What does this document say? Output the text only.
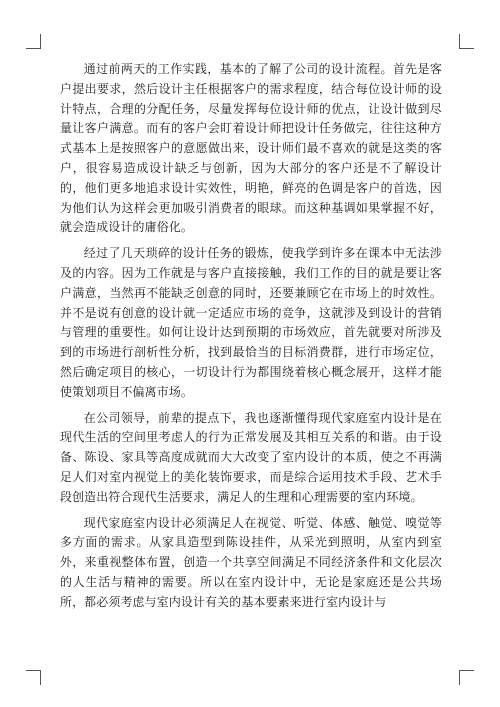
通过前两天的工作实践，基本的了解了公司的设计流程。首先是客户提出要求，然后设计主任根据客户的需求程度，结合每位设计师的设计特点，合理的分配任务，尽量发挥每位设计师的优点，让设计做到尽量让客户满意。而有的客户会盯着设计师把设计任务做完，往往这种方式基本上是按照客户的意愿做出来，设计师们最不喜欢的就是这类的客户，很容易造成设计缺乏与创新，因为大部分的客户还是不了解设计的，他们更多地追求设计实效性，明艳，鲜亮的色调是客户的首选，因为他们认为这样会更加吸引消费者的眼球。而这种基调如果掌握不好，就会造成设计的庸俗化。

经过了几天琐碎的设计任务的锻炼，使我学到许多在课本中无法涉及的内容。因为工作就是与客户直接接触，我们工作的目的就是要让客户满意，当然再不能缺乏创意的同时，还要兼顾它在市场上的时效性。并不是说有创意的设计就一定适应市场的竞争，这就涉及到设计的营销与管理的重要性。如何让设计达到预期的市场效应，首先就要对所涉及到的市场进行剖析性分析，找到最恰当的目标消费群，进行市场定位，然后确定项目的核心，一切设计行为都围绕着核心概念展开，这样才能使策划项目不偏离市场。

在公司领导，前辈的提点下，我也逐渐懂得现代家庭室内设计是在现代生活的空间里考虑人的行为正常发展及其相互关系的和谐。由于设备、陈设、家具等高度成就而大大改变了室内设计的本质，使之不再满足人们对室内视觉上的美化装饰要求，而是综合运用技术手段、艺术手段创造出符合现代生活要求，满足人的生理和心理需要的室内环境。

现代家庭室内设计必须满足人在视觉、听觉、体感、触觉、嗅觉等多方面的需求。从家具造型到陈设挂件，从采光到照明，从室内到室外，来重视整体布置，创造一个共享空间满足不同经济条件和文化层次的人生活与精神的需要。所以在室内设计中，无论是家庭还是公共场所，都必须考虑与室内设计有关的基本要素来进行室内设计与
